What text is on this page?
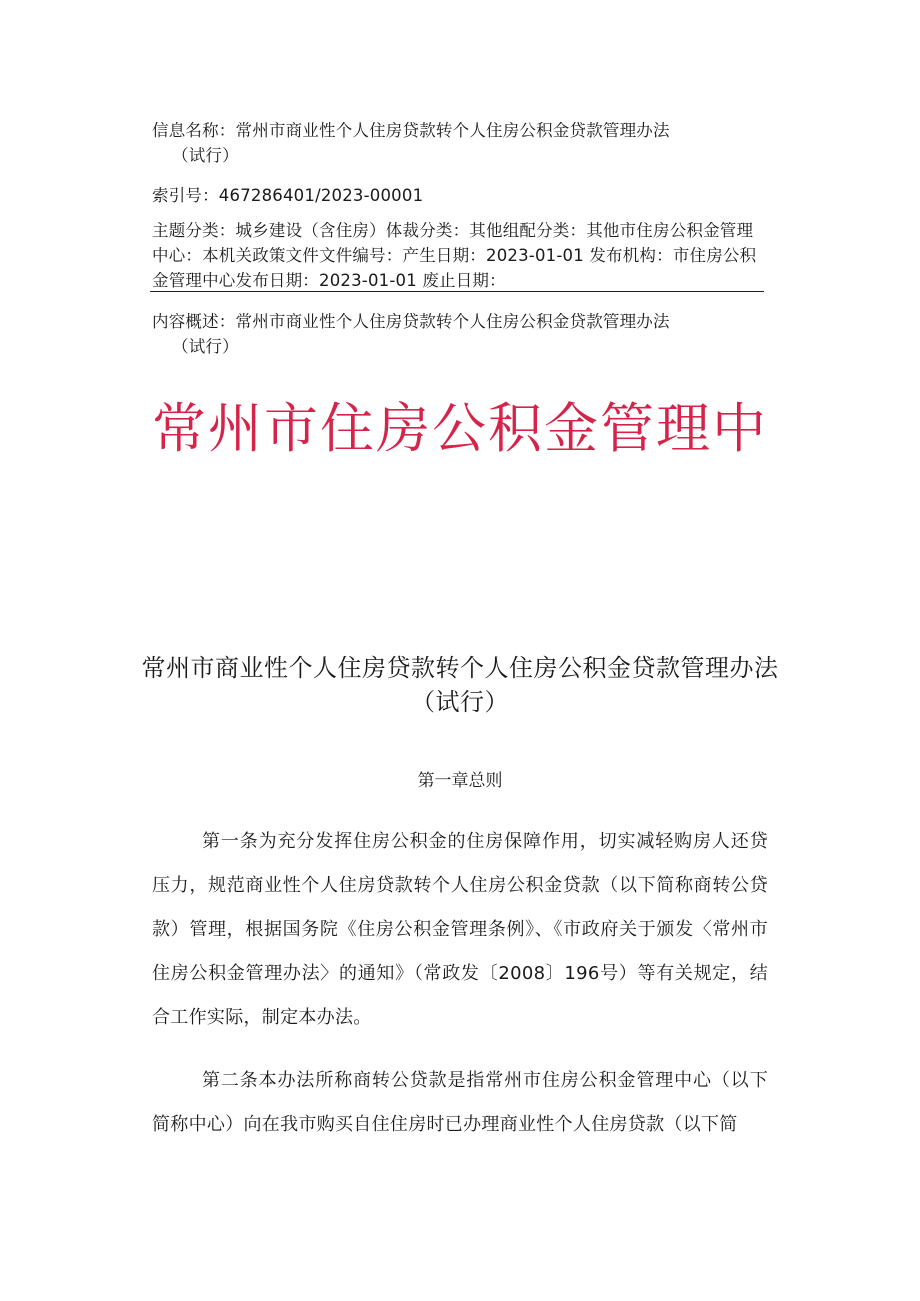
信息名称：常州市商业性个人住房贷款转个人住房公积金贷款管理办法
（试行）
索引号：467286401/2023-00001
主题分类：城乡建设（含住房）体裁分类：其他组配分类：其他市住房公积金管理中心：本机关政策文件文件编号：产生日期：2023-01-01 发布机构：市住房公积金管理中心发布日期：2023-01-01 废止日期：
内容概述：常州市商业性个人住房贷款转个人住房公积金贷款管理办法
（试行）
常州市住房公积金管理中
常州市商业性个人住房贷款转个人住房公积金贷款管理办法（试行）
第一章总则
第一条为充分发挥住房公积金的住房保障作用，切实减轻购房人还贷压力，规范商业性个人住房贷款转个人住房公积金贷款（以下简称商转公贷款）管理，根据国务院《住房公积金管理条例》、《市政府关于颁发〈常州市住房公积金管理办法〉的通知》（常政发〔2008〕196号）等有关规定，结合工作实际，制定本办法。
第二条本办法所称商转公贷款是指常州市住房公积金管理中心（以下简称中心）向在我市购买自住住房时已办理商业性个人住房贷款（以下简
